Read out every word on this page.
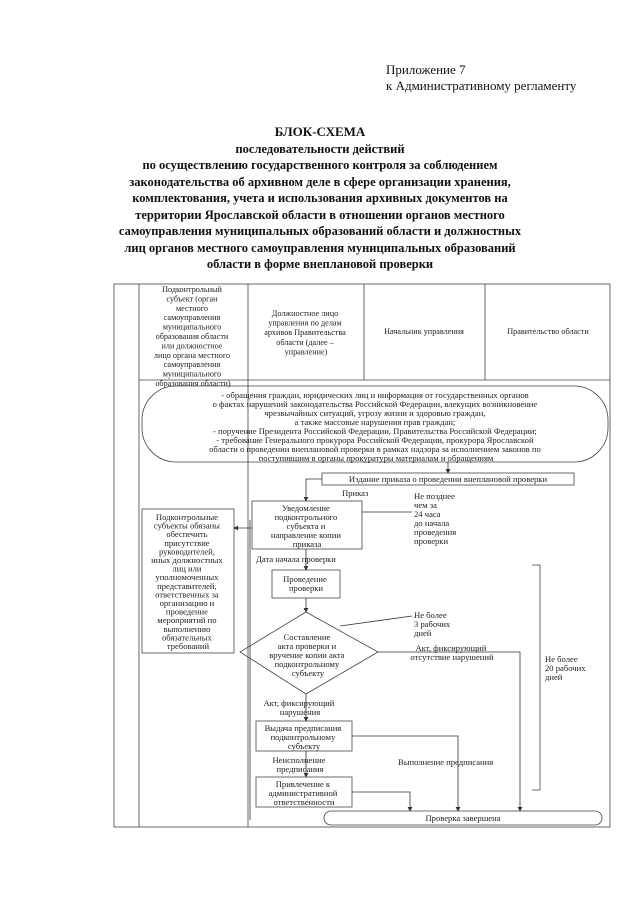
Приложение 7
к Административному регламенту
БЛОК-СХЕМА
последовательности действий
по осуществлению государственного контроля за соблюдением
законодательства об архивном деле в сфере организации хранения,
комплектования, учета и использования архивных документов на
территории Ярославской области в отношении органов местного
самоуправления муниципальных образований области и должностных
лиц органов местного самоуправления муниципальных образований
области в форме внеплановой проверки
Подконтрольный субъект (орган местного самоуправления муниципального образования области или должностное лицо органа местного самоуправления муниципального образования области)
Должностное лицо управления по делам архивов Правительства области (далее – управление)
Начальник управления	Правительство области
- обращения граждан, юридических лиц и информация от государственных органов о фактах нарушений законодательства Российской Федерации, влекущих возникновение чрезвычайных ситуаций, угрозу жизни и здоровью граждан, а также массовые нарушения прав граждан; - поручение Президента Российской Федерации, Правительства Российской Федерации; - требование Генерального прокурора Российской Федерации, прокурора Ярославской области о проведении внеплановой проверки в рамках надзора за исполнением законов по поступившим в органы прокуратуры материалам и обращениям
Издание приказа о проведении внеплановой проверки
Приказ
Уведомление подконтрольного субъекта и направление копии приказа
Дата начала проверки
Проведение проверки
Составление акта проверки и вручение копии акта подконтрольному субъекту
Акт, фиксирующий нарушения
Выдача предписания подконтрольному субъекту
Неисполнение предписания
Выполнение предписания
Привлечение к административной ответственности
Проверка завершена
Акт, фиксирующий отсутствие нарушений
Подконтрольные субъекты обязаны обеспечить присутствие руководителей, иных должностных лиц или уполномоченных представителей, ответственных за организацию и проведение мероприятий по выполнению обязательных требований
Не позднее чем за 24 часа до начала проведения проверки
Не более 3 рабочих дней
Не более 20 рабочих дней
